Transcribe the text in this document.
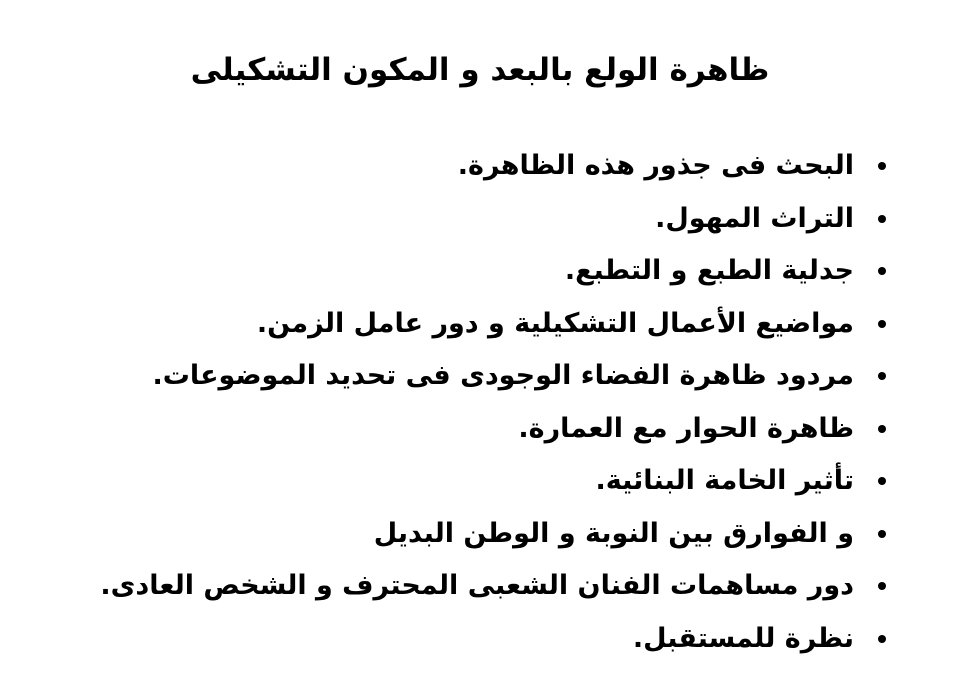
ظاهرة الولع بالبعد و المكون التشكيلى
البحث فى جذور هذه الظاهرة.
التراث المهول.
جدلية الطبع و التطبع.
مواضيع الأعمال التشكيلية و دور عامل الزمن.
مردود ظاهرة الفضاء الوجودى فى تحديد الموضوعات.
ظاهرة الحوار مع العمارة.
تأثير الخامة البنائية.
و الفوارق بين النوبة و الوطن البديل
دور مساهمات الفنان الشعبى المحترف و الشخص العادى.
نظرة للمستقبل.
